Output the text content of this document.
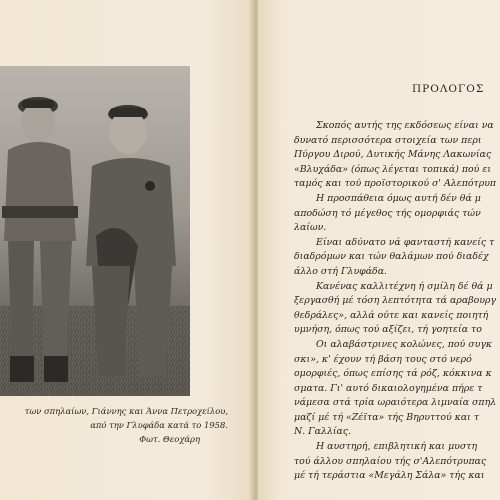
των σπηλαίων, Γιάννης και Άννα Πετροχείλου,
από την Γλυφάδα κατά το 1958.
Φωτ. Θεοχάρη
ΠΡΟΛΟΓΟΣ
Σκοπός αυτής της εκδόσεως είναι να
δυνατό περισσότερα στοιχεία των περι
Πύργου Διρού, Δυτικής Μάνης Λακωνίας
«Βλυχάδα» (όπως λέγεται τοπικά) πού ει
ταμός και τού προϊστορικού σ' Αλεπότρυπ
Η προσπάθεια όμως αυτή δέν θά μ
αποδώση τό μέγεθος τής ομορφιάς τών
λαίων.
Είναι αδύνατο νά φανταστή κανείς τ
διαδρόμων και τών θαλάμων πού διαδέχ
άλλο στή Γλυφάδα.
Κανένας καλλιτέχνη ή σμίλη δέ θά μ
ξεργασθή μέ τόση λεπτότητα τά αραβουργ
θεδράλες», αλλά ούτε και κανείς ποιητή
υμνήση, όπως τού αξίζει, τή γοητεία το
Οι αλαβάστρινες κολώνες, πού συγκ
σκι», κ' έχουν τή βάση τους στό νερό
ομορφιές, όπως επίσης τά ρόζ, κόκκινα κ
σματα. Γι' αυτό δικαιολογημένα πήρε τ
νάμεσα στά τρία ωραιότερα λιμναία σπηλ
μαζί μέ τή «Ζέϊτα» τής Βηρυττού και τ
Ν. Γαλλίας.
Η αυστηρή, επιβλητική και μυστη
τού άλλου σπηλαίου τής σ'Αλεπότρυπας
μέ τή τεράστια «Μεγάλη Σάλα» τής και
